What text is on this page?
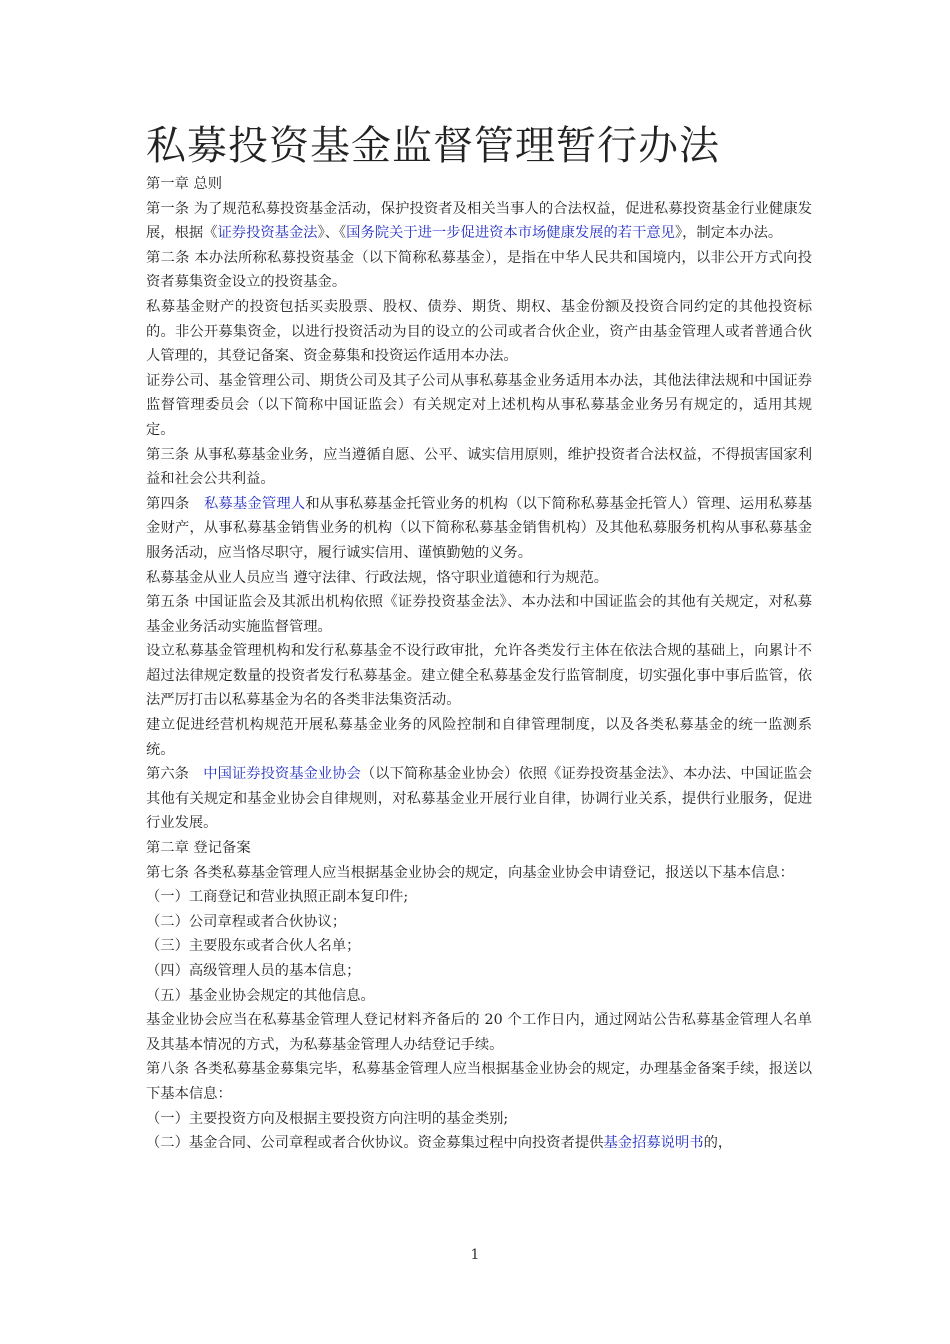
私募投资基金监督管理暂行办法

第一章 总则

第一条 为了规范私募投资基金活动，保护投资者及相关当事人的合法权益，促进私募投资基金行业健康发展，根据《证券投资基金法》、《国务院关于进一步促进资本市场健康发展的若干意见》，制定本办法。

第二条 本办法所称私募投资基金（以下简称私募基金），是指在中华人民共和国境内，以非公开方式向投资者募集资金设立的投资基金。

私募基金财产的投资包括买卖股票、股权、债券、期货、期权、基金份额及投资合同约定的其他投资标的。非公开募集资金，以进行投资活动为目的设立的公司或者合伙企业，资产由基金管理人或者普通合伙人管理的，其登记备案、资金募集和投资运作适用本办法。

证券公司、基金管理公司、期货公司及其子公司从事私募基金业务适用本办法，其他法律法规和中国证券监督管理委员会（以下简称中国证监会）有关规定对上述机构从事私募基金业务另有规定的，适用其规定。

第三条 从事私募基金业务，应当遵循自愿、公平、诚实信用原则，维护投资者合法权益，不得损害国家利益和社会公共利益。

第四条　私募基金管理人和从事私募基金托管业务的机构（以下简称私募基金托管人）管理、运用私募基金财产，从事私募基金销售业务的机构（以下简称私募基金销售机构）及其他私募服务机构从事私募基金服务活动，应当恪尽职守，履行诚实信用、谨慎勤勉的义务。

私募基金从业人员应当 遵守法律、行政法规，恪守职业道德和行为规范。

第五条 中国证监会及其派出机构依照《证券投资基金法》、本办法和中国证监会的其他有关规定，对私募基金业务活动实施监督管理。

设立私募基金管理机构和发行私募基金不设行政审批，允许各类发行主体在依法合规的基础上，向累计不超过法律规定数量的投资者发行私募基金。建立健全私募基金发行监管制度，切实强化事中事后监管，依法严厉打击以私募基金为名的各类非法集资活动。

建立促进经营机构规范开展私募基金业务的风险控制和自律管理制度，以及各类私募基金的统一监测系统。

第六条　中国证券投资基金业协会（以下简称基金业协会）依照《证券投资基金法》、本办法、中国证监会其他有关规定和基金业协会自律规则，对私募基金业开展行业自律，协调行业关系，提供行业服务，促进行业发展。

第二章 登记备案

第七条 各类私募基金管理人应当根据基金业协会的规定，向基金业协会申请登记，报送以下基本信息：

（一）工商登记和营业执照正副本复印件;

（二）公司章程或者合伙协议；

（三）主要股东或者合伙人名单；

（四）高级管理人员的基本信息；

（五）基金业协会规定的其他信息。

基金业协会应当在私募基金管理人登记材料齐备后的 20 个工作日内，通过网站公告私募基金管理人名单及其基本情况的方式，为私募基金管理人办结登记手续。

第八条 各类私募基金募集完毕，私募基金管理人应当根据基金业协会的规定，办理基金备案手续，报送以下基本信息：

（一）主要投资方向及根据主要投资方向注明的基金类别;

（二）基金合同、公司章程或者合伙协议。资金募集过程中向投资者提供基金招募说明书的，

1
